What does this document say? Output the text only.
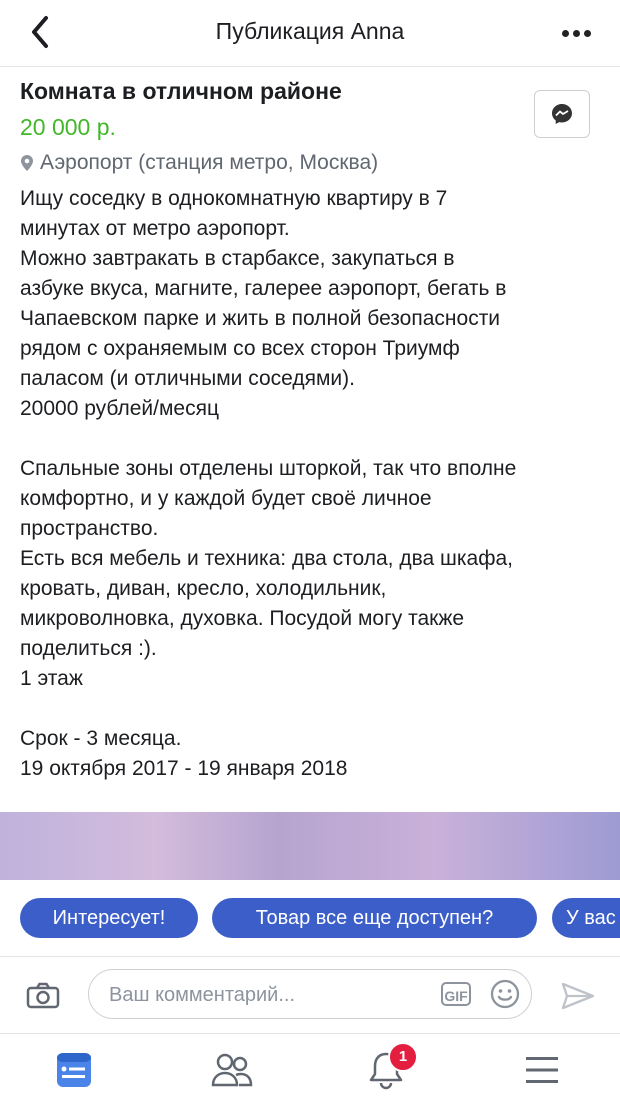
Публикация Anna
Комната в отличном районе
20 000 р.
Аэропорт (станция метро, Москва)
Ищу соседку в однокомнатную квартиру в 7
минутах от метро аэропорт.
Можно завтракать в старбаксе, закупаться в
азбуке вкуса, магните, галерее аэропорт, бегать в
Чапаевском парке и жить в полной безопасности
рядом с охраняемым со всех сторон Триумф
паласом (и отличными соседями).
20000 рублей/месяц
Спальные зоны отделены шторкой, так что вполне
комфортно, и у каждой будет своё личное
пространство.
Есть вся мебель и техника: два стола, два шкафа,
кровать, диван, кресло, холодильник,
микроволновка, духовка. Посудой могу также
поделиться :).
1 этаж
Срок - 3 месяца.
19 октября 2017 - 19 января 2018
Интересует!	Товар все еще доступен?	У вас
Ваш комментарий...
GIF
1
